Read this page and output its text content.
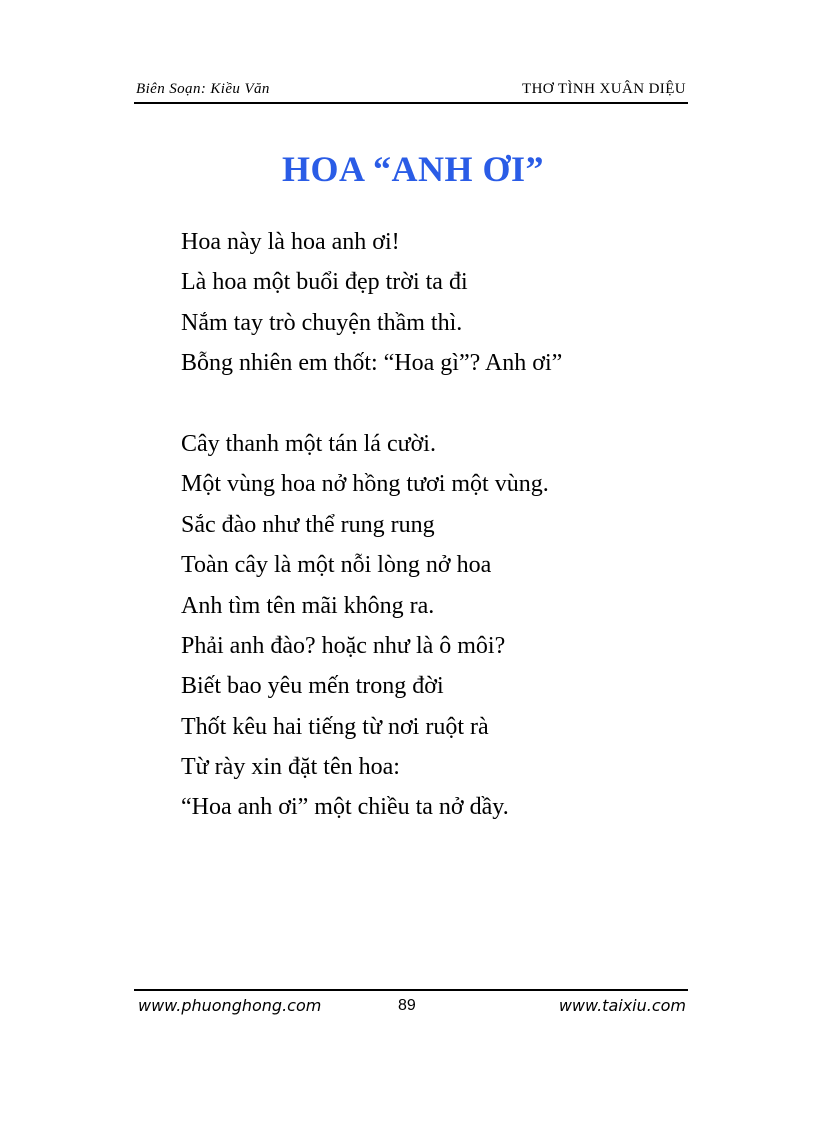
Biên Soạn: Kiều Văn	THƠ TÌNH XUÂN DIỆU
HOA “ANH ƠI”
Hoa này là hoa anh ơi!
Là hoa một buổi đẹp trời ta đi
Nắm tay trò chuyện thầm thì.
Bỗng nhiên em thốt: “Hoa gì”? Anh ơi”
Cây thanh một tán lá cười.
Một vùng hoa nở hồng tươi một vùng.
Sắc đào như thể rung rung
Toàn cây là một nỗi lòng nở hoa
Anh tìm tên mãi không ra.
Phải anh đào? hoặc như là ô môi?
Biết bao yêu mến trong đời
Thốt kêu hai tiếng từ nơi ruột rà
Từ rày xin đặt tên hoa:
“Hoa anh ơi” một chiều ta nở dầy.
www.phuonghong.com	89	www.taixiu.com
